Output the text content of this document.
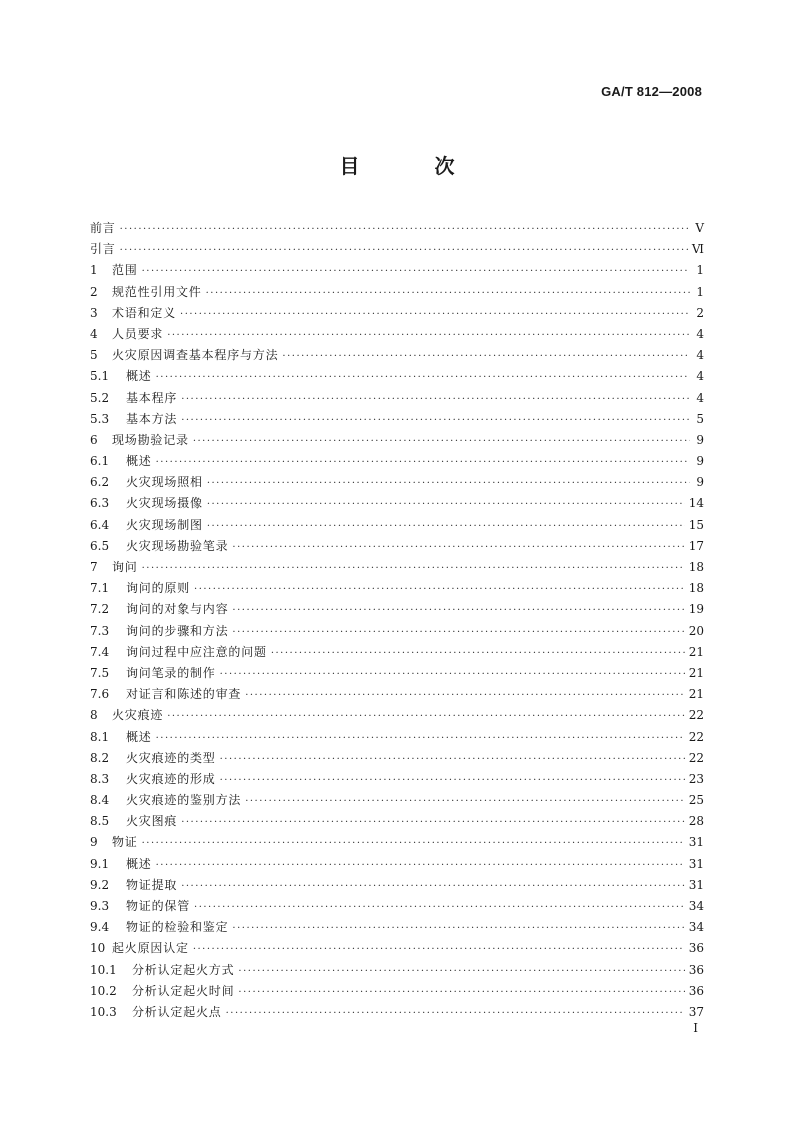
GA/T 812—2008
目 次
前言 ·····	Ⅴ
引言 ·····	Ⅵ
1	范围 ·····	1
2	规范性引用文件 ·····	1
3	术语和定义 ·····	2
4	人员要求 ·····	4
5	火灾原因调查基本程序与方法 ·····	4
5.1	概述 ·····	4
5.2	基本程序 ·····	4
5.3	基本方法 ·····	5
6	现场勘验记录 ·····	9
6.1	概述 ·····	9
6.2	火灾现场照相 ·····	9
6.3	火灾现场摄像 ·····	14
6.4	火灾现场制图 ·····	15
6.5	火灾现场勘验笔录 ·····	17
7	询问 ·····	18
7.1	询问的原则 ·····	18
7.2	询问的对象与内容 ·····	19
7.3	询问的步骤和方法 ·····	20
7.4	询问过程中应注意的问题 ·····	21
7.5	询问笔录的制作 ·····	21
7.6	对证言和陈述的审查 ·····	21
8	火灾痕迹 ·····	22
8.1	概述 ·····	22
8.2	火灾痕迹的类型 ·····	22
8.3	火灾痕迹的形成 ·····	23
8.4	火灾痕迹的鉴别方法 ·····	25
8.5	火灾图痕 ·····	28
9	物证 ·····	31
9.1	概述 ·····	31
9.2	物证提取 ·····	31
9.3	物证的保管 ·····	34
9.4	物证的检验和鉴定 ·····	34
10 起火原因认定 ·····	36
10.1	分析认定起火方式 ·····	36
10.2	分析认定起火时间 ·····	36
10.3	分析认定起火点 ·····	37
I
